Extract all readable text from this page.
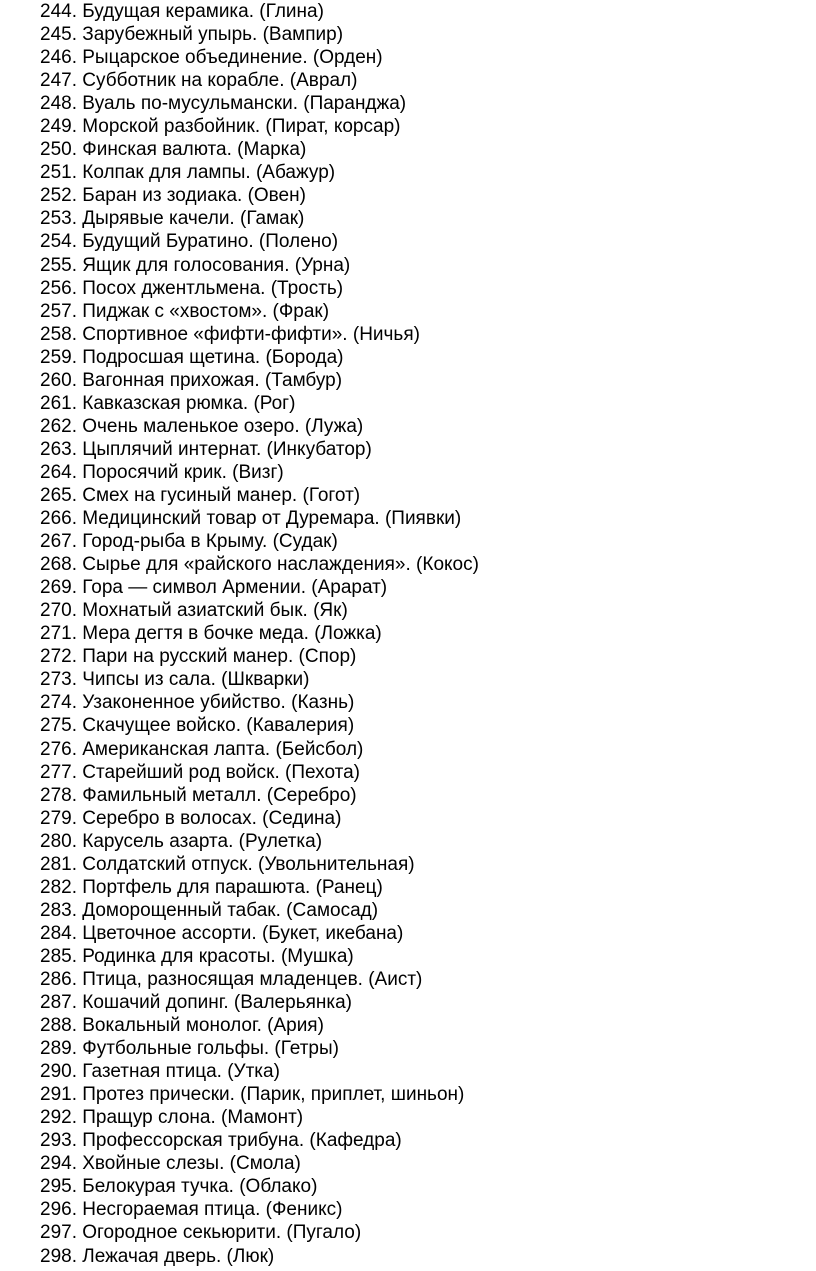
244. Будущая керамика. (Глина)
245. Зарубежный упырь. (Вампир)
246. Рыцарское объединение. (Орден)
247. Субботник на корабле. (Аврал)
248. Вуаль по-мусульмански. (Паранджа)
249. Морской разбойник. (Пират, корсар)
250. Финская валюта. (Марка)
251. Колпак для лампы. (Абажур)
252. Баран из зодиака. (Овен)
253. Дырявые качели. (Гамак)
254. Будущий Буратино. (Полено)
255. Ящик для голосования. (Урна)
256. Посох джентльмена. (Трость)
257. Пиджак с «хвостом». (Фрак)
258. Спортивное «фифти-фифти». (Ничья)
259. Подросшая щетина. (Борода)
260. Вагонная прихожая. (Тамбур)
261. Кавказская рюмка. (Рог)
262. Очень маленькое озеро. (Лужа)
263. Цыплячий интернат. (Инкубатор)
264. Поросячий крик. (Визг)
265. Смех на гусиный манер. (Гогот)
266. Медицинский товар от Дуремара. (Пиявки)
267. Город-рыба в Крыму. (Судак)
268. Сырье для «райского наслаждения». (Кокос)
269. Гора — символ Армении. (Арарат)
270. Мохнатый азиатский бык. (Як)
271. Мера дегтя в бочке меда. (Ложка)
272. Пари на русский манер. (Спор)
273. Чипсы из сала. (Шкварки)
274. Узаконенное убийство. (Казнь)
275. Скачущее войско. (Кавалерия)
276. Американская лапта. (Бейсбол)
277. Старейший род войск. (Пехота)
278. Фамильный металл. (Серебро)
279. Серебро в волосах. (Седина)
280. Карусель азарта. (Рулетка)
281. Солдатский отпуск. (Увольнительная)
282. Портфель для парашюта. (Ранец)
283. Доморощенный табак. (Самосад)
284. Цветочное ассорти. (Букет, икебана)
285. Родинка для красоты. (Мушка)
286. Птица, разносящая младенцев. (Аист)
287. Кошачий допинг. (Валерьянка)
288. Вокальный монолог. (Ария)
289. Футбольные гольфы. (Гетры)
290. Газетная птица. (Утка)
291. Протез прически. (Парик, приплет, шиньон)
292. Пращур слона. (Мамонт)
293. Профессорская трибуна. (Кафедра)
294. Хвойные слезы. (Смола)
295. Белокурая тучка. (Облако)
296. Несгораемая птица. (Феникс)
297. Огородное секьюрити. (Пугало)
298. Лежачая дверь. (Люк)
